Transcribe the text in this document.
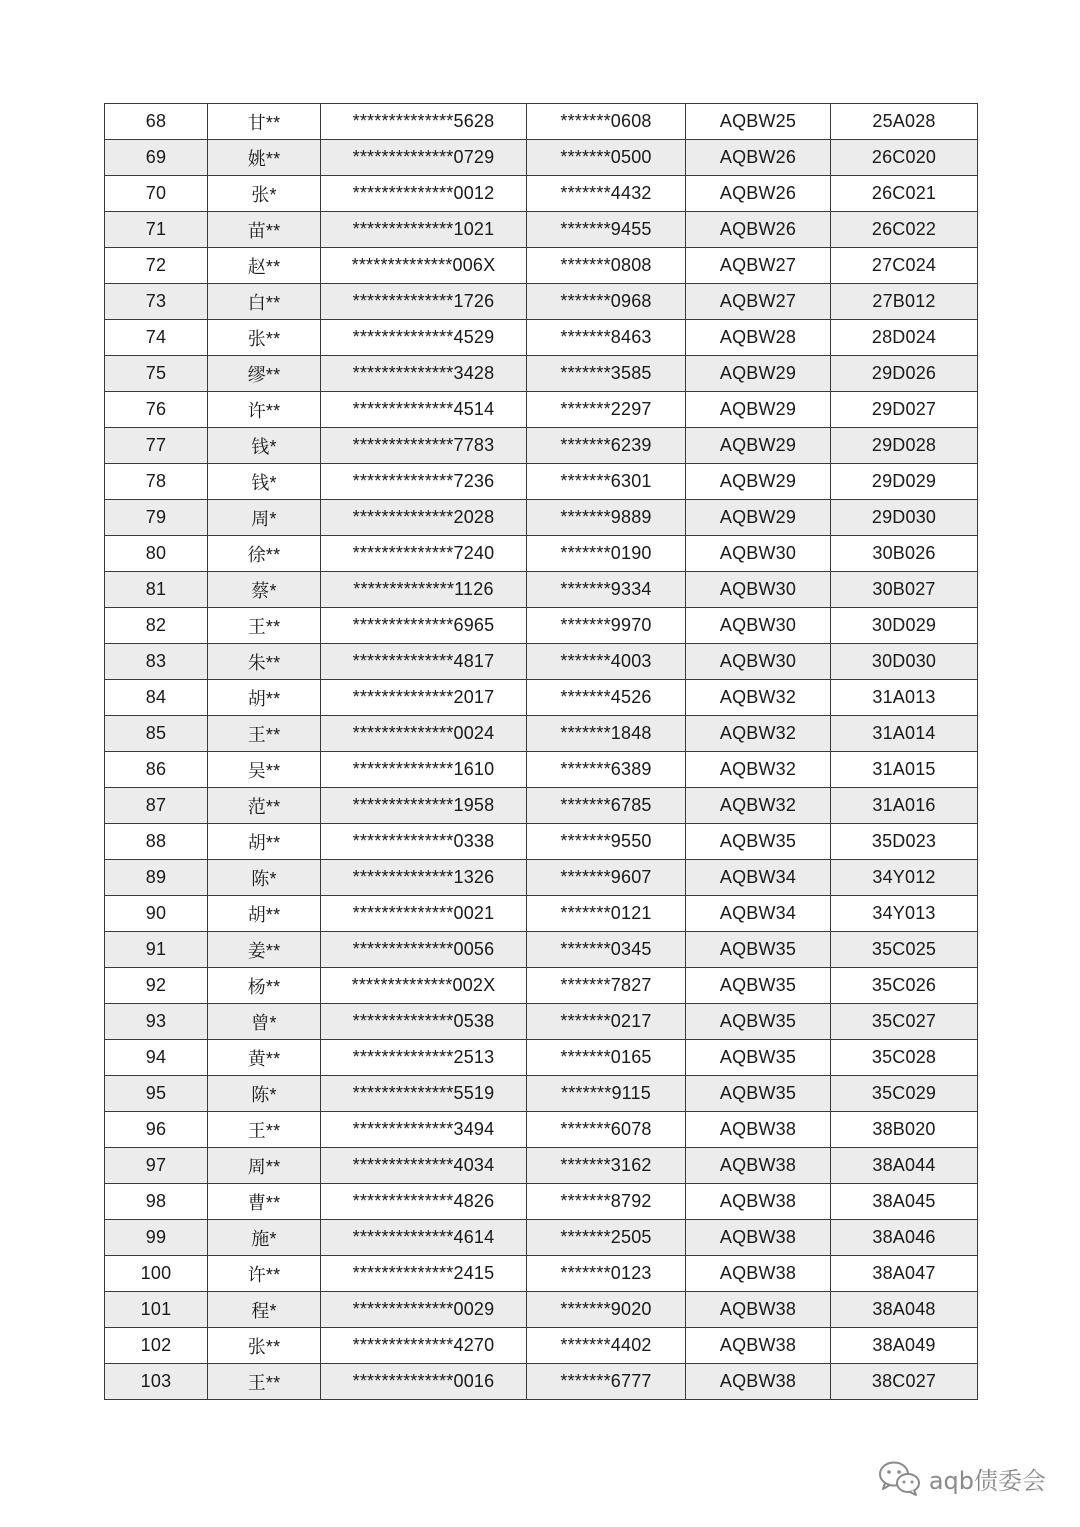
68	甘**	**************5628	*******0608	AQBW25	25A028
69	姚**	**************0729	*******0500	AQBW26	26C020
70	张*	**************0012	*******4432	AQBW26	26C021
71	苗**	**************1021	*******9455	AQBW26	26C022
72	赵**	**************006X	*******0808	AQBW27	27C024
73	白**	**************1726	*******0968	AQBW27	27B012
74	张**	**************4529	*******8463	AQBW28	28D024
75	缪**	**************3428	*******3585	AQBW29	29D026
76	许**	**************4514	*******2297	AQBW29	29D027
77	钱*	**************7783	*******6239	AQBW29	29D028
78	钱*	**************7236	*******6301	AQBW29	29D029
79	周*	**************2028	*******9889	AQBW29	29D030
80	徐**	**************7240	*******0190	AQBW30	30B026
81	蔡*	**************1126	*******9334	AQBW30	30B027
82	王**	**************6965	*******9970	AQBW30	30D029
83	朱**	**************4817	*******4003	AQBW30	30D030
84	胡**	**************2017	*******4526	AQBW32	31A013
85	王**	**************0024	*******1848	AQBW32	31A014
86	吴**	**************1610	*******6389	AQBW32	31A015
87	范**	**************1958	*******6785	AQBW32	31A016
88	胡**	**************0338	*******9550	AQBW35	35D023
89	陈*	**************1326	*******9607	AQBW34	34Y012
90	胡**	**************0021	*******0121	AQBW34	34Y013
91	姜**	**************0056	*******0345	AQBW35	35C025
92	杨**	**************002X	*******7827	AQBW35	35C026
93	曾*	**************0538	*******0217	AQBW35	35C027
94	黄**	**************2513	*******0165	AQBW35	35C028
95	陈*	**************5519	*******9115	AQBW35	35C029
96	王**	**************3494	*******6078	AQBW38	38B020
97	周**	**************4034	*******3162	AQBW38	38A044
98	曹**	**************4826	*******8792	AQBW38	38A045
99	施*	**************4614	*******2505	AQBW38	38A046
100	许**	**************2415	*******0123	AQBW38	38A047
101	程*	**************0029	*******9020	AQBW38	38A048
102	张**	**************4270	*******4402	AQBW38	38A049
103	王**	**************0016	*******6777	AQBW38	38C027
aqb债委会
